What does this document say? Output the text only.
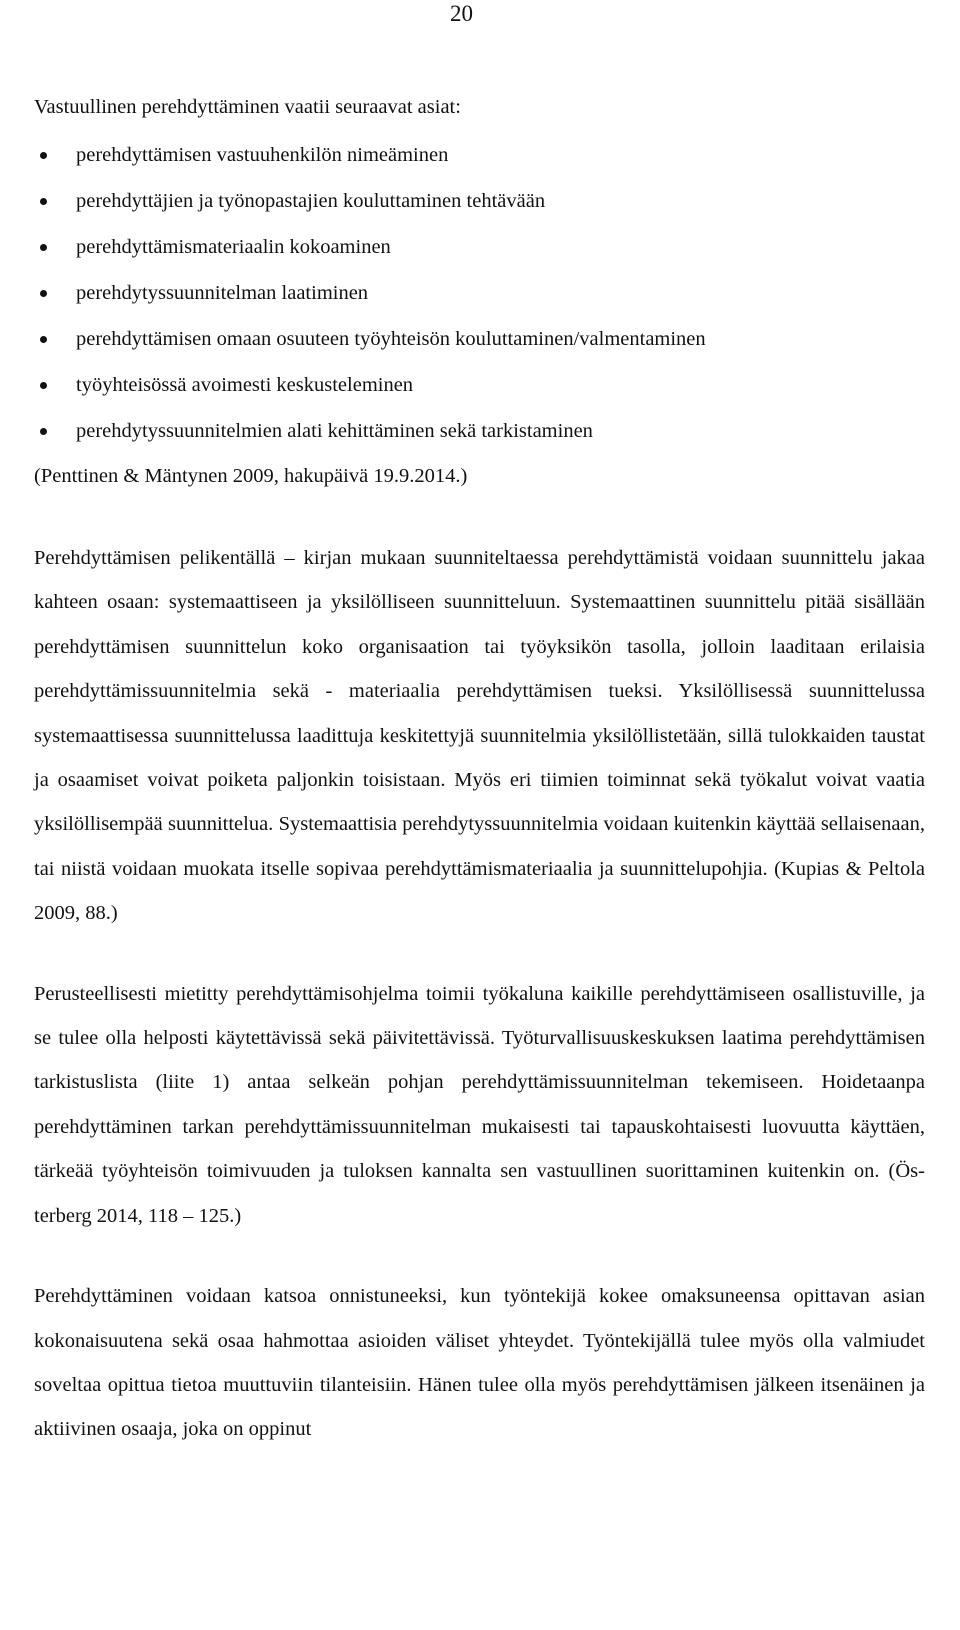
20

Vastuullinen perehdyttäminen vaatii seuraavat asiat:

perehdyttämisen vastuuhenkilön nimeäminen
perehdyttäjien ja työnopastajien kouluttaminen tehtävään
perehdyttämismateriaalin kokoaminen
perehdytyssuunnitelman laatiminen
perehdyttämisen omaan osuuteen työyhteisön kouluttaminen/valmentaminen
työyhteisössä avoimesti keskusteleminen
perehdytyssuunnitelmien alati kehittäminen sekä tarkistaminen

(Penttinen & Mäntynen 2009, hakupäivä 19.9.2014.)

Perehdyttämisen pelikentällä – kirjan mukaan suunniteltaessa perehdyttämistä voidaan suunnittelu jakaa kahteen osaan: systemaattiseen ja yksilölliseen suunnitteluun. Systemaattinen suunnittelu pitää sisällään perehdyttämisen suunnittelun koko organisaation tai työyksikön tasolla, jolloin laaditaan erilaisia perehdyttämissuunnitelmia sekä - materiaalia perehdyttämisen tueksi. Yksilöllisessä suunnittelussa systemaattisessa suunnittelussa laadittuja keskitettyjä suunnitelmia yksilöllistetään, sillä tulokkaiden taustat ja osaamiset voivat poiketa paljonkin toisistaan. Myös eri tiimien toiminnat sekä työkalut voivat vaatia yksilöllisempää suunnittelua. Systemaattisia perehdytyssuunnitelmia voidaan kuitenkin käyttää sellaisenaan, tai niistä voidaan muokata itselle sopivaa perehdyttämismateriaalia ja suunnittelupohjia. (Kupias & Peltola 2009, 88.)

Perusteellisesti mietitty perehdyttämisohjelma toimii työkaluna kaikille perehdyttämiseen osallistuville, ja se tulee olla helposti käytettävissä sekä päivitettävissä. Työturvallisuuskeskuksen laatima perehdyttämisen tarkistuslista (liite 1) antaa selkeän pohjan perehdyttämissuunnitelman tekemiseen. Hoidetaanpa perehdyttäminen tarkan perehdyttämissuunnitelman mukaisesti tai tapauskohtaisesti luovuutta käyttäen, tärkeää työyhteisön toimivuuden ja tuloksen kannalta sen vastuullinen suorittaminen kuitenkin on. (Österberg 2014, 118 – 125.)

Perehdyttäminen voidaan katsoa onnistuneeksi, kun työntekijä kokee omaksuneensa opittavan asian kokonaisuutena sekä osaa hahmottaa asioiden väliset yhteydet. Työntekijällä tulee myös olla valmiudet soveltaa opittua tietoa muuttuviin tilanteisiin. Hänen tulee olla myös perehdyttämisen jälkeen itsenäinen ja aktiivinen osaaja, joka on oppinut
